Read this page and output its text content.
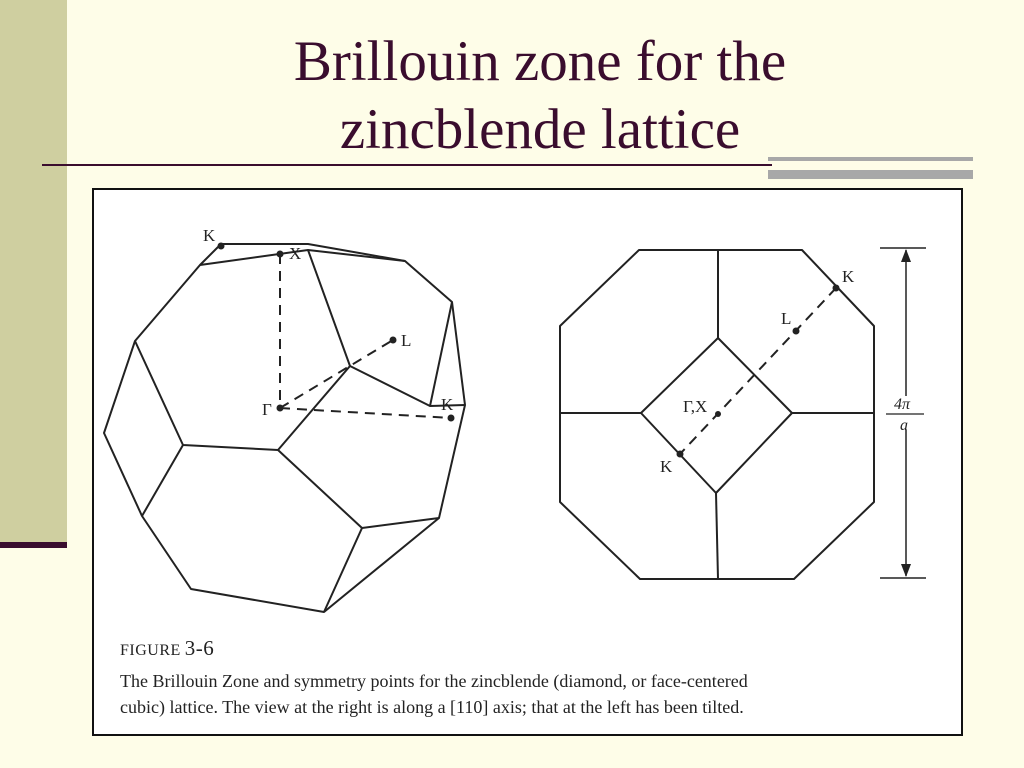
Brillouin zone for the
zincblende lattice
K
X
L
Γ	K
K
L
Γ,X
K
4π
a
FIGURE 3-6
The Brillouin Zone and symmetry points for the zincblende (diamond, or face-centered
cubic) lattice. The view at the right is along a [110] axis; that at the left has been tilted.
